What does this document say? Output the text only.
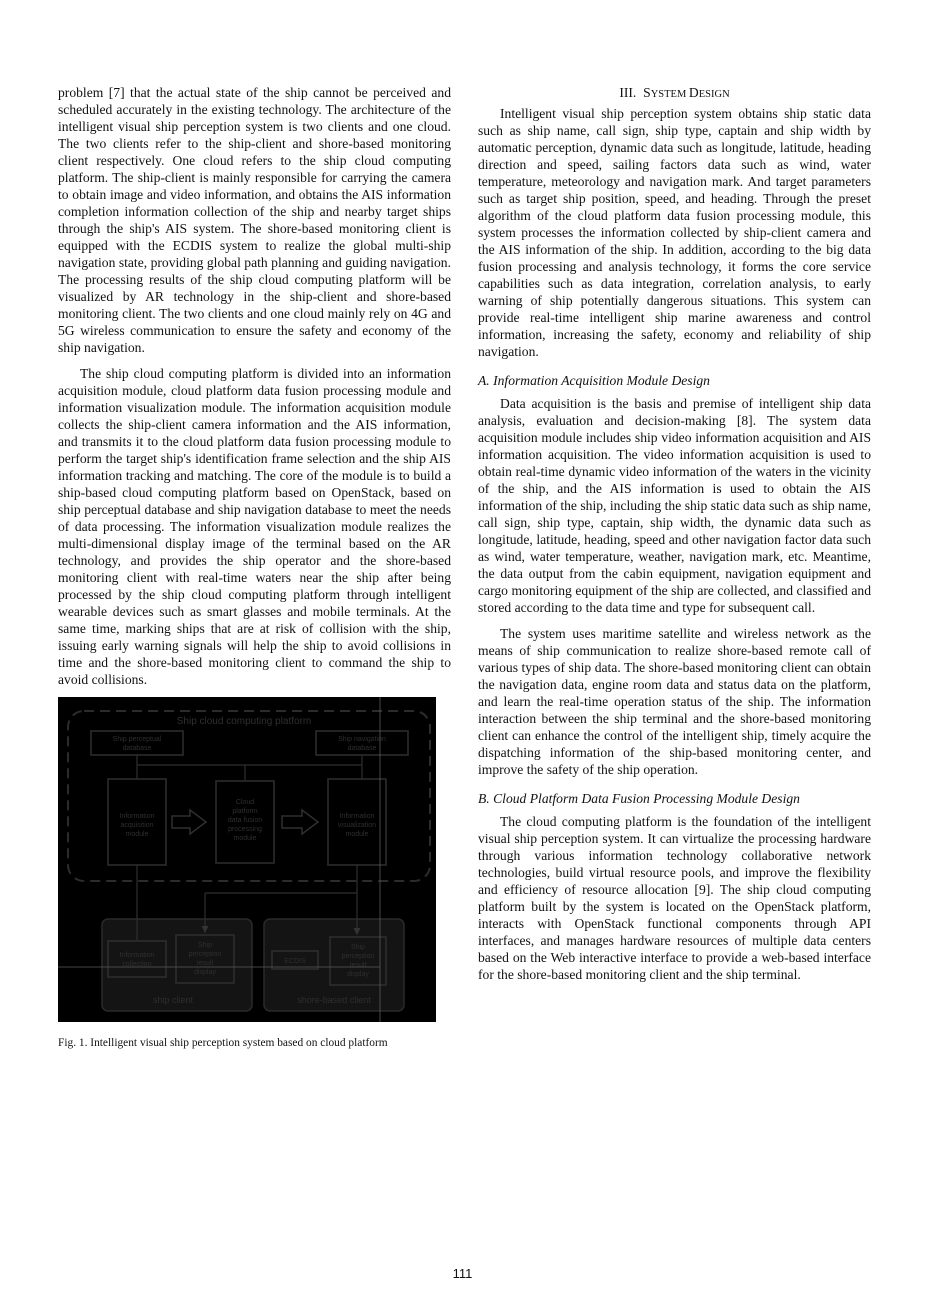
problem [7] that the actual state of the ship cannot be perceived and scheduled accurately in the existing technology. The architecture of the intelligent visual ship perception system is two clients and one cloud. The two clients refer to the ship-client and shore-based monitoring client respectively. One cloud refers to the ship cloud computing platform. The ship-client is mainly responsible for carrying the camera to obtain image and video information, and obtains the AIS information completion information collection of the ship and nearby target ships through the ship's AIS system. The shore-based monitoring client is equipped with the ECDIS system to realize the global multi-ship navigation state, providing global path planning and guiding navigation. The processing results of the ship cloud computing platform will be visualized by AR technology in the ship-client and shore-based monitoring client. The two clients and one cloud mainly rely on 4G and 5G wireless communication to ensure the safety and economy of the ship navigation.

The ship cloud computing platform is divided into an information acquisition module, cloud platform data fusion processing module and information visualization module. The information acquisition module collects the ship-client camera information and the AIS information, and transmits it to the cloud platform data fusion processing module to perform the target ship's identification frame selection and the ship AIS information tracking and matching. The core of the module is to build a ship-based cloud computing platform based on OpenStack, based on ship perceptual database and ship navigation database to meet the needs of data processing. The information visualization module realizes the multi-dimensional display image of the terminal based on the AR technology, and provides the ship operator and the shore-based monitoring client with real-time waters near the ship after being processed by the ship cloud computing platform through intelligent wearable devices such as smart glasses and mobile terminals. At the same time, marking ships that are at risk of collision with the ship, issuing early warning signals will help the ship to avoid collisions in time and the shore-based monitoring client to command the ship to avoid collisions.

Ship cloud computing platform
Ship perceptual
database
Ship navigation
database
Information
acquisition
module
Cloud
platform
data fusion
processing
module
Information
visualization
module
Information
collection
Ship
perception
result
display
ECDIS
Ship
perception
result
display
ship client	shore-based client
Fig. 1. Intelligent visual ship perception system based on cloud platform
III. SYSTEM DESIGN

Intelligent visual ship perception system obtains ship static data such as ship name, call sign, ship type, captain and ship width by automatic perception, dynamic data such as longitude, latitude, heading direction and speed, sailing factors data such as wind, water temperature, meteorology and navigation mark. And target parameters such as target ship position, speed, and heading. Through the preset algorithm of the cloud platform data fusion processing module, this system processes the information collected by ship-client camera and the AIS information of the ship. In addition, according to the big data fusion processing and analysis technology, it forms the core service capabilities such as data integration, correlation analysis, to early warning of ship potentially dangerous situations. This system can provide real-time intelligent ship marine awareness and control information, increasing the safety, economy and reliability of ship navigation.

A. Information Acquisition Module Design

Data acquisition is the basis and premise of intelligent ship data analysis, evaluation and decision-making [8]. The system data acquisition module includes ship video information acquisition and AIS information acquisition. The video information acquisition is used to obtain real-time dynamic video information of the waters in the vicinity of the ship, and the AIS information is used to obtain the AIS information of the ship, including the ship static data such as ship name, call sign, ship type, captain, ship width, the dynamic data such as longitude, latitude, heading, speed and other navigation factor data such as wind, water temperature, weather, navigation mark, etc. Meantime, the data output from the cabin equipment, navigation equipment and cargo monitoring equipment of the ship are collected, and classified and stored according to the data time and type for subsequent call.

The system uses maritime satellite and wireless network as the means of ship communication to realize shore-based remote call of various types of ship data. The shore-based monitoring client can obtain the navigation data, engine room data and status data on the platform, and learn the real-time operation status of the ship. The information interaction between the ship terminal and the shore-based monitoring client can enhance the control of the intelligent ship, timely acquire the dispatching information of the ship-based monitoring center, and improve the safety of the ship operation.

B. Cloud Platform Data Fusion Processing Module Design

The cloud computing platform is the foundation of the intelligent visual ship perception system. It can virtualize the processing hardware through various information technology collaborative network technologies, build virtual resource pools, and improve the flexibility and efficiency of resource allocation [9]. The ship cloud computing platform built by the system is located on the OpenStack platform, interacts with OpenStack functional components through API interfaces, and manages hardware resources of multiple data centers based on the Web interactive interface to provide a web-based interface for the shore-based monitoring client and the ship terminal.

111
